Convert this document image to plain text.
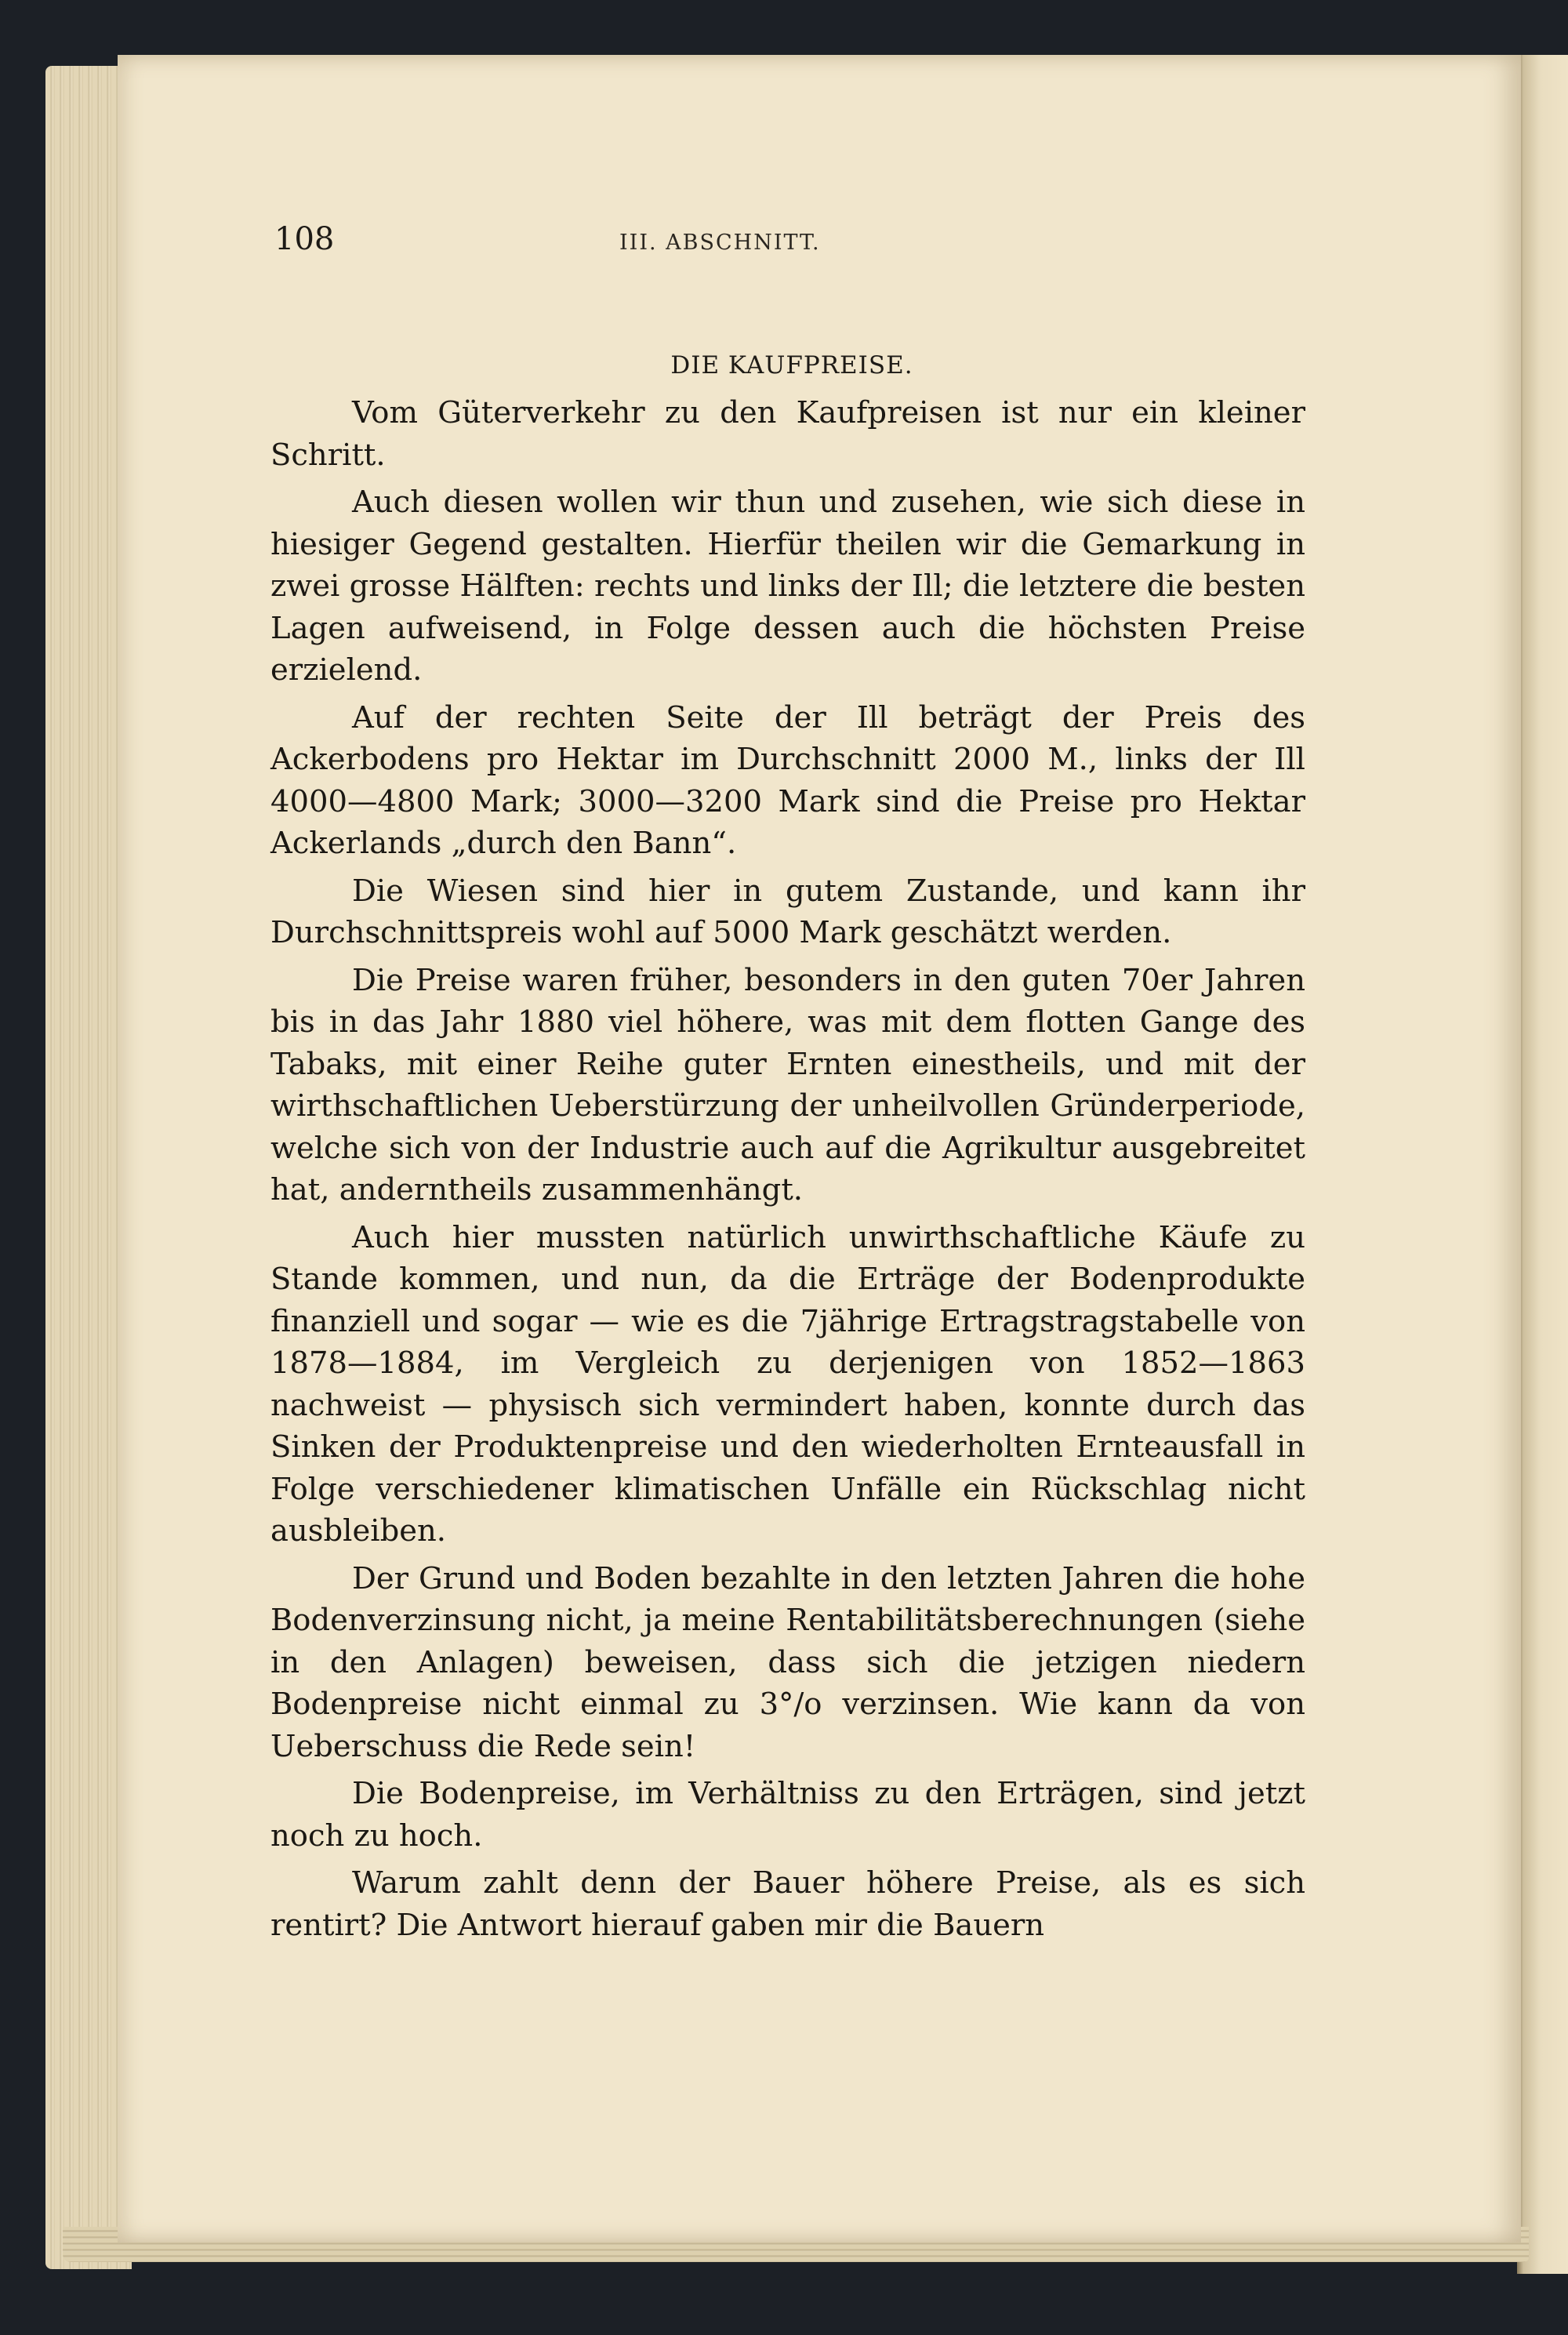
108	III. ABSCHNITT.
DIE KAUFPREISE.

Vom Güterverkehr zu den Kaufpreisen ist nur ein kleiner Schritt.

Auch diesen wollen wir thun und zusehen, wie sich diese in hiesiger Gegend gestalten. Hierfür theilen wir die Gemarkung in zwei grosse Hälften: rechts und links der Ill; die letztere die besten Lagen aufweisend, in Folge dessen auch die höchsten Preise erzielend.

Auf der rechten Seite der Ill beträgt der Preis des Ackerbodens pro Hektar im Durchschnitt 2000 M., links der Ill 4000—4800 Mark; 3000—3200 Mark sind die Preise pro Hektar Ackerlands „durch den Bann“.

Die Wiesen sind hier in gutem Zustande, und kann ihr Durchschnittspreis wohl auf 5000 Mark geschätzt werden.

Die Preise waren früher, besonders in den guten 70er Jahren bis in das Jahr 1880 viel höhere, was mit dem flotten Gange des Tabaks, mit einer Reihe guter Ernten einestheils, und mit der wirthschaftlichen Ueberstürzung der unheilvollen Gründerperiode, welche sich von der Industrie auch auf die Agrikultur ausgebreitet hat, anderntheils zusammenhängt.

Auch hier mussten natürlich unwirthschaftliche Käufe zu Stande kommen, und nun, da die Erträge der Bodenprodukte finanziell und sogar — wie es die 7jährige Ertragstragstabelle von 1878—1884, im Vergleich zu derjenigen von 1852—1863 nachweist — physisch sich vermindert haben, konnte durch das Sinken der Produktenpreise und den wiederholten Ernteausfall in Folge verschiedener klimatischen Unfälle ein Rückschlag nicht ausbleiben.

Der Grund und Boden bezahlte in den letzten Jahren die hohe Bodenverzinsung nicht, ja meine Rentabilitätsberechnungen (siehe in den Anlagen) beweisen, dass sich die jetzigen niedern Bodenpreise nicht einmal zu 3°/o verzinsen. Wie kann da von Ueberschuss die Rede sein!

Die Bodenpreise, im Verhältniss zu den Erträgen, sind jetzt noch zu hoch.

Warum zahlt denn der Bauer höhere Preise, als es sich rentirt? Die Antwort hierauf gaben mir die Bauern
